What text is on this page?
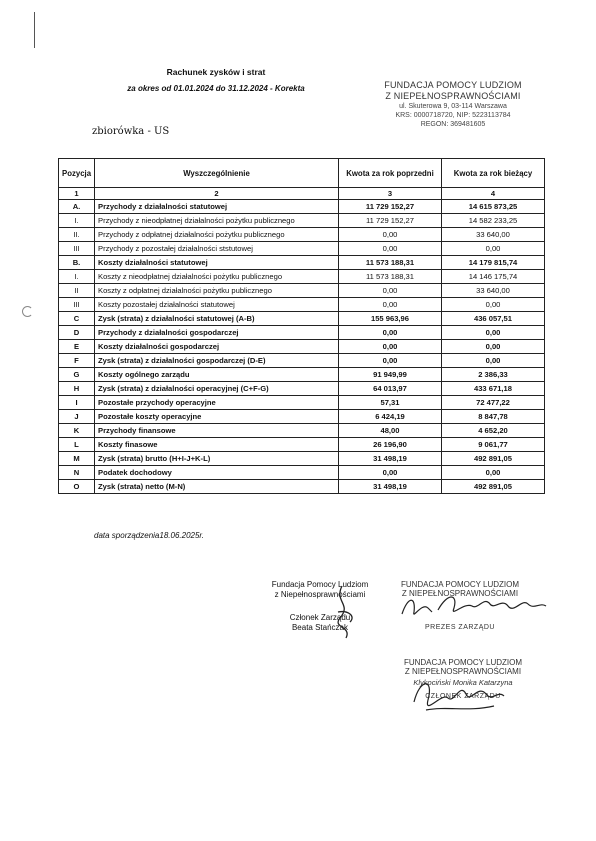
Rachunek zysków i strat
za okres od 01.01.2024 do 31.12.2024 - Korekta	FUNDACJA POMOCY LUDZIOM
Z NIEPEŁNOSPRAWNOŚCIAMI
ul. Skuterowa 9, 03-114 Warszawa
KRS: 0000718720, NIP: 5223113784
REGON: 369481605
zbiorówka - US
Pozycja	Wyszczególnienie	Kwota za rok poprzedni	Kwota za rok bieżący
1	2	3	4
A.	Przychody z działalności statutowej	11 729 152,27	14 615 873,25
I.	Przychody z nieodpłatnej działalności pożytku publicznego	11 729 152,27	14 582 233,25
II.	Przychody z odpłatnej działalności pożytku publicznego	0,00	33 640,00
III	Przychody z pozostałej działalności ststutowej	0,00	0,00
B.	Koszty działalności statutowej	11 573 188,31	14 179 815,74
I.	Koszty z nieodpłatnej działalności pożytku publicznego	11 573 188,31	14 146 175,74
II	Koszty z odpłatnej działalności pożytku publicznego	0,00	33 640,00
III	Koszty pozostałej działalności statutowej	0,00	0,00
C	Zysk (strata) z działalności statutowej (A-B)	155 963,96	436 057,51
D	Przychody z działalności gospodarczej	0,00	0,00
E	Koszty działalności gospodarczej	0,00	0,00
F	Zysk (strata) z działalności gospodarczej (D-E)	0,00	0,00
G	Koszty ogólnego zarządu	91 949,99	2 386,33
H	Zysk (strata) z działalności operacyjnej (C+F-G)	64 013,97	433 671,18
I	Pozostałe przychody operacyjne	57,31	72 477,22
J	Pozostałe koszty operacyjne	6 424,19	8 847,78
K	Przychody finansowe	48,00	4 652,20
L	Koszty finasowe	26 196,90	9 061,77
M	Zysk (strata) brutto (H+I-J+K-L)	31 498,19	492 891,05
N	Podatek dochodowy	0,00	0,00
O	Zysk (strata) netto (M-N)	31 498,19	492 891,05
data sporządzenia18.06.2025r.
Fundacja Pomocy Ludziom
z Niepełnosprawnościami
Członek Zarządu
Beata Stańczak
FUNDACJA POMOCY LUDZIOM
Z NIEPEŁNOSPRAWNOŚCIAMI
PREZES ZARZĄDU
FUNDACJA POMOCY LUDZIOM
Z NIEPEŁNOSPRAWNOŚCIAMI
Klykociński Monika Katarzyna
CZŁONEK ZARZĄDU
